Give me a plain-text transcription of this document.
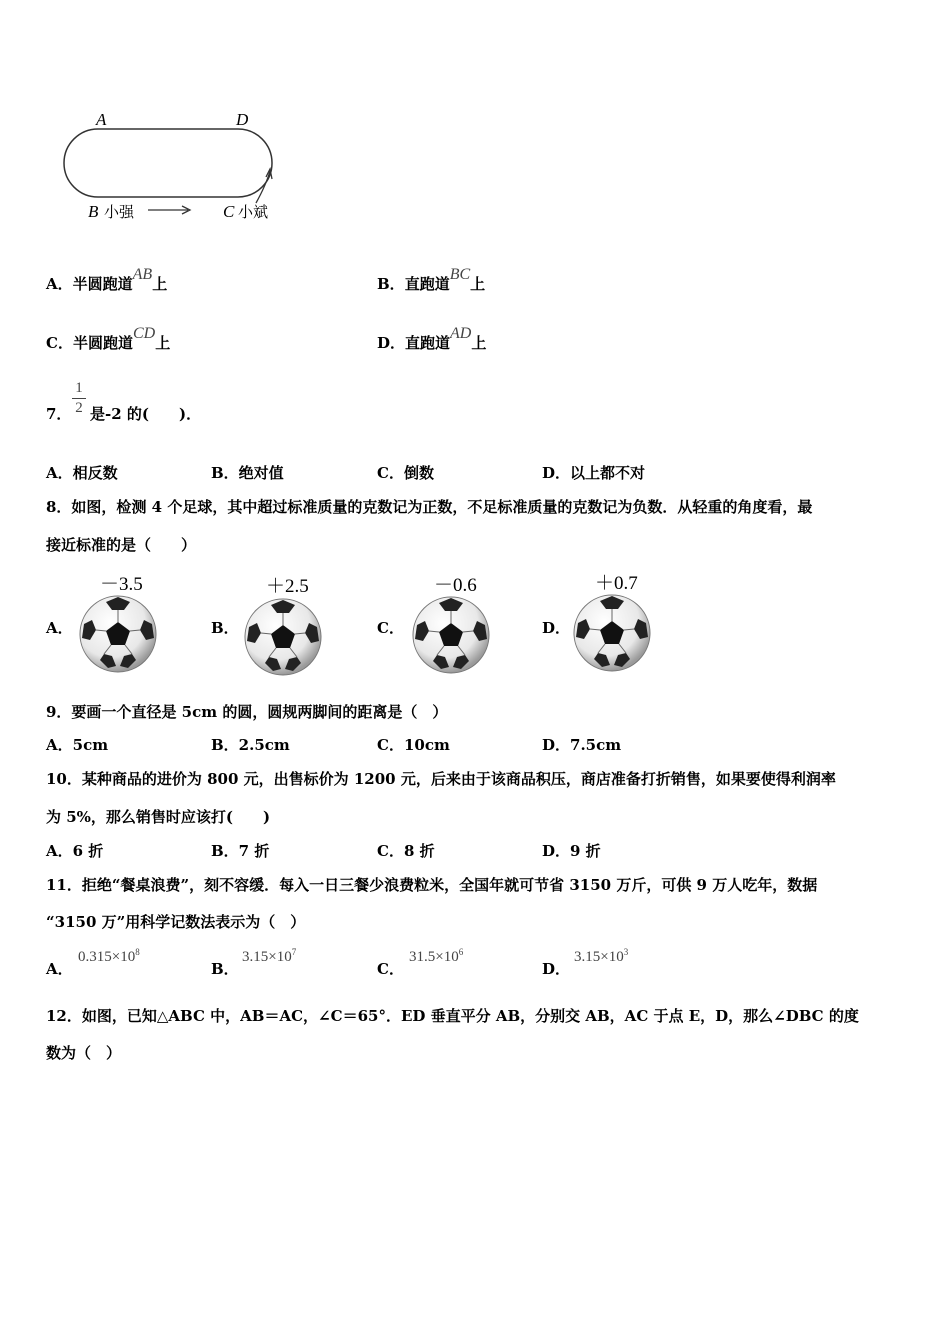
A	D
B 小强	C 小斌
A．半圆跑道AB上	B．直跑道BC上
C．半圆跑道CD上	D．直跑道AD上
7．
1
2 是-2 的(　　)．
A．相反数	B．绝对值	C．倒数	D．以上都不对
8．如图，检测 4 个足球，其中超过标准质量的克数记为正数，不足标准质量的克数记为负数．从轻重的角度看，最
接近标准的是（　　）
A．
－3.5
B．
＋2.5
C．
－0.6
D．
＋0.7
9．要画一个直径是 5cm 的圆，圆规两脚间的距离是（　）
A．5cm	B．2.5cm	C．10cm	D．7.5cm
10．某种商品的进价为 800 元，出售标价为 1200 元，后来由于该商品积压，商店准备打折销售，如果要使得利润率
为 5%，那么销售时应该打(　　)
A．6 折	B．7 折	C．8 折	D．9 折
11．拒绝“餐桌浪费”，刻不容缓．每入一日三餐少浪费粒米，全国年就可节省 3150 万斤，可供 9 万人吃年，数据
“3150 万”用科学记数法表示为（　）
A．
$0.315\times 10^8$
B．
$3.15\times 10^7$
C．
$31.5\times 10^6$
D．
$3.15\times 10^3$
12．如图，已知△ABC 中，AB＝AC，∠C＝65°．ED 垂直平分 AB，分别交 AB，AC 于点 E，D，那么∠DBC 的度
数为（　）
